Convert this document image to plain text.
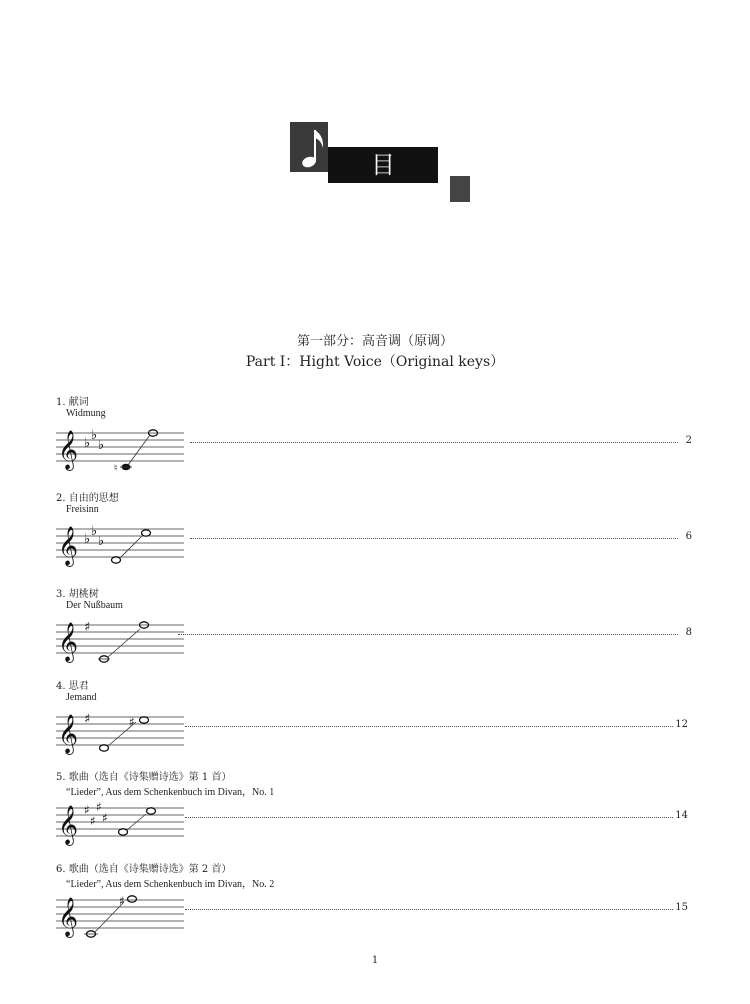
目 录
第一部分：高音调（原调）
Part Ⅰ：Hight Voice（Original keys）
1. 献词
Widmung
𝄞 ♭
♭
♭
♮
2
2. 自由的思想
Freisinn
𝄞 ♭
♭
♭	6
3. 胡桃树
Der Nußbaum
𝄞 ♯	8
4. 思君
Jemand
𝄞 ♯	♯	12
5. 歌曲（选自《诗集赠诗选》第 1 首）
“Lieder”, Aus dem Schenkenbuch im Divan，No. 1
𝄞 ♯
♯
♯
♯	14
6. 歌曲（选自《诗集赠诗选》第 2 首）
“Lieder”, Aus dem Schenkenbuch im Divan，No. 2
𝄞	♯	15
1
